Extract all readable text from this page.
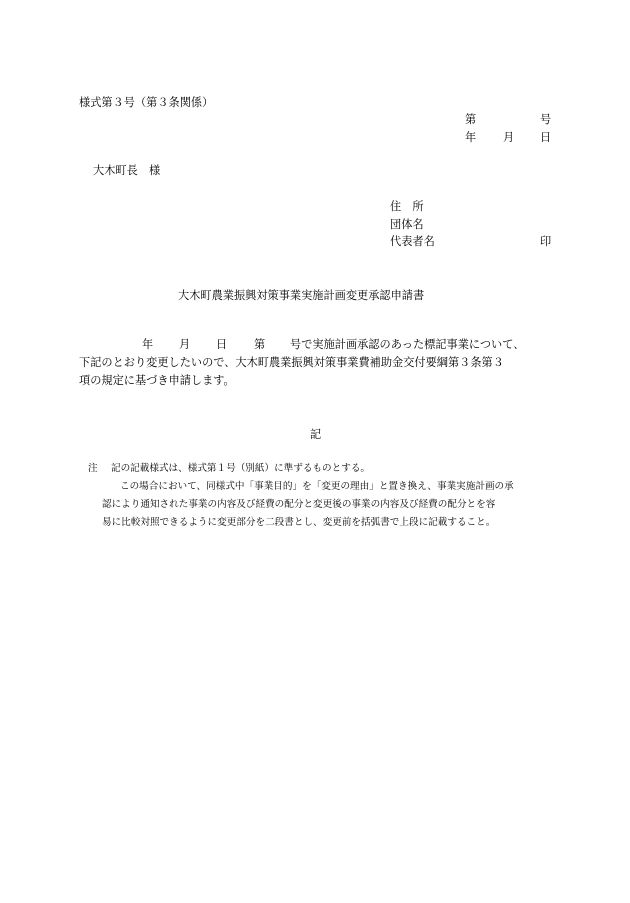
様式第３号（第３条関係）
第	号
年 月 日
大木町長　様
住　所
団体名
代表者名	印
大木町農業振興対策事業実施計画変更承認申請書
年 月 日 第 号で実施計画承認のあった標記事業について、
下記のとおり変更したいので、大木町農業振興対策事業費補助金交付要綱第３条第３
項の規定に基づき申請します。
記
注 記の記載様式は、様式第１号（別紙）に準ずるものとする。
この場合において、同様式中「事業目的」を「変更の理由」と置き換え、事業実施計画の承
認により通知された事業の内容及び経費の配分と変更後の事業の内容及び経費の配分とを容
易に比較対照できるように変更部分を二段書とし、変更前を括弧書で上段に記載すること。
